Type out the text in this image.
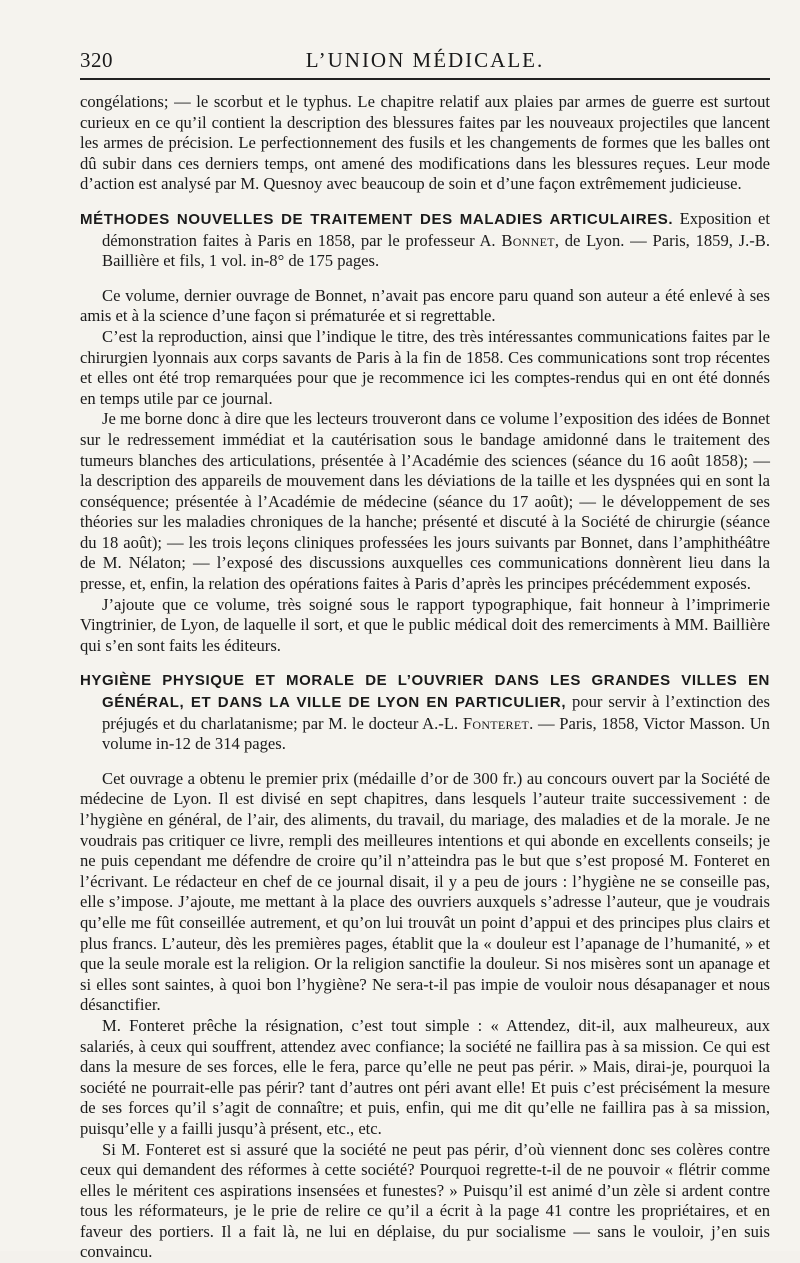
320	L’UNION MÉDICALE.

congélations; — le scorbut et le typhus. Le chapitre relatif aux plaies par armes de guerre est surtout curieux en ce qu’il contient la description des blessures faites par les nouveaux projectiles que lancent les armes de précision. Le perfectionnement des fusils et les changements de formes que les balles ont dû subir dans ces derniers temps, ont amené des modifications dans les blessures reçues. Leur mode d’action est analysé par M. Quesnoy avec beaucoup de soin et d’une façon extrêmement judicieuse.

MÉTHODES NOUVELLES DE TRAITEMENT DES MALADIES ARTICULAIRES. Exposition et démonstration faites à Paris en 1858, par le professeur A. Bonnet, de Lyon. — Paris, 1859, J.-B. Baillière et fils, 1 vol. in-8° de 175 pages.

Ce volume, dernier ouvrage de Bonnet, n’avait pas encore paru quand son auteur a été enlevé à ses amis et à la science d’une façon si prématurée et si regrettable.

C’est la reproduction, ainsi que l’indique le titre, des très intéressantes communications faites par le chirurgien lyonnais aux corps savants de Paris à la fin de 1858. Ces communications sont trop récentes et elles ont été trop remarquées pour que je recommence ici les comptes-rendus qui en ont été donnés en temps utile par ce journal.

Je me borne donc à dire que les lecteurs trouveront dans ce volume l’exposition des idées de Bonnet sur le redressement immédiat et la cautérisation sous le bandage amidonné dans le traitement des tumeurs blanches des articulations, présentée à l’Académie des sciences (séance du 16 août 1858); — la description des appareils de mouvement dans les déviations de la taille et les dyspnées qui en sont la conséquence; présentée à l’Académie de médecine (séance du 17 août); — le développement de ses théories sur les maladies chroniques de la hanche; présenté et discuté à la Société de chirurgie (séance du 18 août); — les trois leçons cliniques professées les jours suivants par Bonnet, dans l’amphithéâtre de M. Nélaton; — l’exposé des discussions auxquelles ces communications donnèrent lieu dans la presse, et, enfin, la relation des opérations faites à Paris d’après les principes précédemment exposés.

J’ajoute que ce volume, très soigné sous le rapport typographique, fait honneur à l’imprimerie Vingtrinier, de Lyon, de laquelle il sort, et que le public médical doit des remerciments à MM. Baillière qui s’en sont faits les éditeurs.

HYGIÈNE PHYSIQUE ET MORALE DE L’OUVRIER DANS LES GRANDES VILLES EN GÉNÉRAL, ET DANS LA VILLE DE LYON EN PARTICULIER, pour servir à l’extinction des préjugés et du charlatanisme; par M. le docteur A.-L. Fonteret. — Paris, 1858, Victor Masson. Un volume in-12 de 314 pages.

Cet ouvrage a obtenu le premier prix (médaille d’or de 300 fr.) au concours ouvert par la Société de médecine de Lyon. Il est divisé en sept chapitres, dans lesquels l’auteur traite successivement : de l’hygiène en général, de l’air, des aliments, du travail, du mariage, des maladies et de la morale. Je ne voudrais pas critiquer ce livre, rempli des meilleures intentions et qui abonde en excellents conseils; je ne puis cependant me défendre de croire qu’il n’atteindra pas le but que s’est proposé M. Fonteret en l’écrivant. Le rédacteur en chef de ce journal disait, il y a peu de jours : l’hygiène ne se conseille pas, elle s’impose. J’ajoute, me mettant à la place des ouvriers auxquels s’adresse l’auteur, que je voudrais qu’elle me fût conseillée autrement, et qu’on lui trouvât un point d’appui et des principes plus clairs et plus francs. L’auteur, dès les premières pages, établit que la « douleur est l’apanage de l’humanité, » et que la seule morale est la religion. Or la religion sanctifie la douleur. Si nos misères sont un apanage et si elles sont saintes, à quoi bon l’hygiène? Ne sera-t-il pas impie de vouloir nous désapanager et nous désanctifier.

M. Fonteret prêche la résignation, c’est tout simple : « Attendez, dit-il, aux malheureux, aux salariés, à ceux qui souffrent, attendez avec confiance; la société ne faillira pas à sa mission. Ce qui est dans la mesure de ses forces, elle le fera, parce qu’elle ne peut pas périr. » Mais, dirai-je, pourquoi la société ne pourrait-elle pas périr? tant d’autres ont péri avant elle! Et puis c’est précisément la mesure de ses forces qu’il s’agit de connaître; et puis, enfin, qui me dit qu’elle ne faillira pas à sa mission, puisqu’elle y a failli jusqu’à présent, etc., etc.

Si M. Fonteret est si assuré que la société ne peut pas périr, d’où viennent donc ses colères contre ceux qui demandent des réformes à cette société? Pourquoi regrette-t-il de ne pouvoir « flétrir comme elles le méritent ces aspirations insensées et funestes? » Puisqu’il est animé d’un zèle si ardent contre tous les réformateurs, je le prie de relire ce qu’il a écrit à la page 41 contre les propriétaires, et en faveur des portiers. Il a fait là, ne lui en déplaise, du pur socialisme — sans le vouloir, j’en suis convaincu.
